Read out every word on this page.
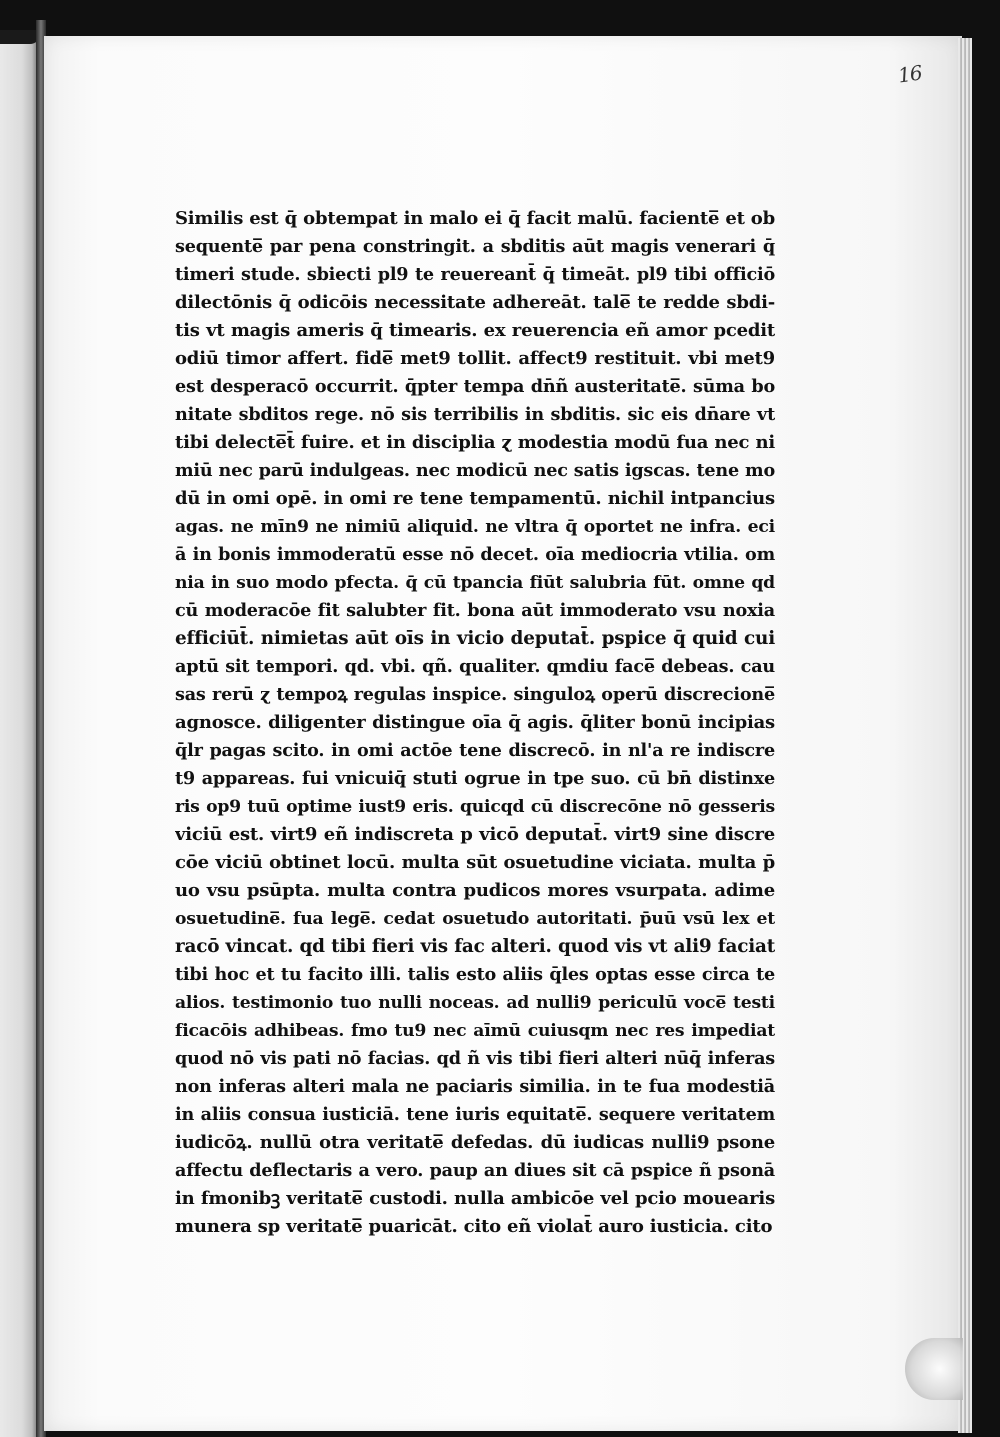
16
Similis est q̄ obtempat in malo ei q̄ facit malū. faciente̅ et ob
sequente̅ par pena constringit. a sbditis aūt magis venerari q̄
timeri stude. sbiecti pl9 te reuereant̄ q̄ timeāt. pl9 tibi officiō
dilectōnis q̄ odicōis necessitate adhereāt. tale̅ te redde sbdi-
tis vt magis ameris q̄ timearis. ex reuerencia eñ amor pcedit
odiū timor affert. fide̅ met9 tollit. affect9 restituit. vbi met9
est desperacō occurrit. q̄pter tempa dn̄ñ austeritate̅. sūma bo
nitate sbditos rege. nō sis terribilis in sbditis. sic eis dn̄are vt
tibi delecte̅t̄ fuire. et in disciplia ɀ modestia modū fua nec ni
miū nec parū indulgeas. nec modicū nec satis igscas. tene mo
dū in omi opē. in omi re tene tempamentū. nichil intpancius
agas. ne mīn9 ne nimiū aliquid. ne vltra q̄ oportet ne infra. eci
ā in bonis immoderatū esse nō decet. oīa mediocria vtilia. om
nia in suo modo pfecta. q̄ cū tpancia fiūt salubria fūt. omne qd
cū moderacōe fit salubter fit. bona aūt immoderato vsu noxia
efficiūt̄. nimietas aūt oīs in vicio deputat̄. pspice q̄ quid cui
aptū sit tempori. qd. vbi. qñ. qualiter. qmdiu face̅ debeas. cau
sas rerū ɀ tempoꝝ regulas inspice. singuloꝝ operū discrecione̅
agnosce. diligenter distingue oīa q̄ agis. q̄liter bonū incipias
q̄lr pagas scito. in omi actōe tene discrecō. in nl'a re indiscre
t9 appareas. fui vnicuiq̄ stuti ogrue in tpe suo. cū bn̄ distinxe
ris op9 tuū optime iust9 eris. quicqd cū discrecōne nō gesseris
viciū est. virt9 eñ indiscreta p vicō deputat̄. virt9 sine discre
cōe viciū obtinet locū. multa sūt osuetudine viciata. multa p̄
uo vsu psūpta. multa contra pudicos mores vsurpata. adime
osuetudine̅. fua lege̅. cedat osuetudo autoritati. p̄uū vsū lex et
racō vincat. qd tibi fieri vis fac alteri. quod vis vt ali9 faciat
tibi hoc et tu facito illi. talis esto aliis q̄les optas esse circa te
alios. testimonio tuo nulli noceas. ad nulli9 periculū voce̅ testi
ficacōis adhibeas. fmo tu9 nec aīmū cuiusqm nec res impediat
quod nō vis pati nō facias. qd ñ vis tibi fieri alteri nūq̄ inferas
non inferas alteri mala ne paciaris similia. in te fua modestiā
in aliis consua iusticiā. tene iuris equitate̅. sequere veritatem
iudicōꝝ. nullū otra veritate̅ defedas. dū iudicas nulli9 psone
affectu deflectaris a vero. paup an diues sit cā pspice ñ psonā
in fmonibꝫ veritate̅ custodi. nulla ambicōe vel pcio mouearis
munera sp veritate̅ puaricāt. cito eñ violat̄ auro iusticia. cito
